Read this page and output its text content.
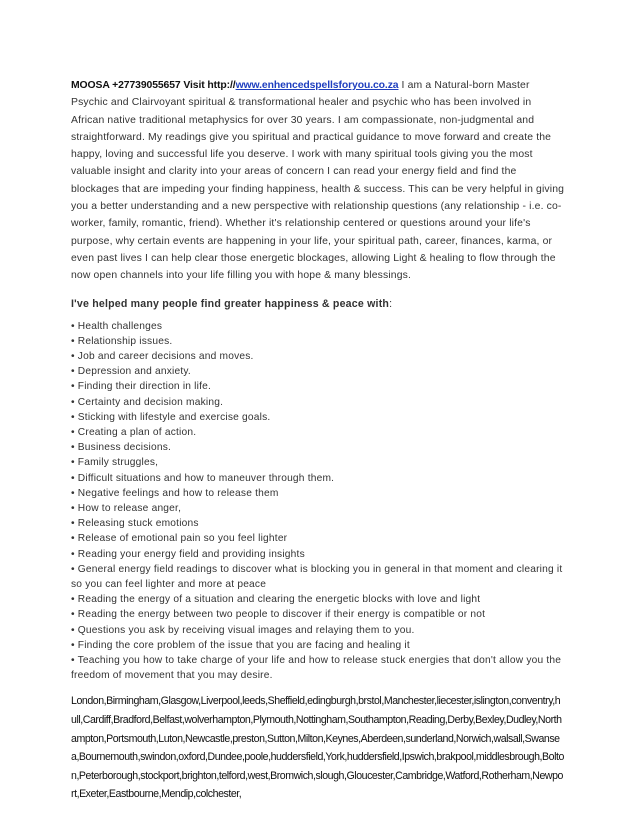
MOOSA +27739055657 Visit http://www.enhencedspellsforyou.co.za I am a Natural-born Master Psychic and Clairvoyant spiritual & transformational healer and psychic who has been involved in African native traditional metaphysics for over 30 years. I am compassionate, non-judgmental and straightforward. My readings give you spiritual and practical guidance to move forward and create the happy, loving and successful life you deserve. I work with many spiritual tools giving you the most valuable insight and clarity into your areas of concern I can read your energy field and find the blockages that are impeding your finding happiness, health & success. This can be very helpful in giving you a better understanding and a new perspective with relationship questions (any relationship - i.e. co-worker, family, romantic, friend). Whether it's relationship centered or questions around your life's purpose, why certain events are happening in your life, your spiritual path, career, finances, karma, or even past lives I can help clear those energetic blockages, allowing Light & healing to flow through the now open channels into your life filling you with hope & many blessings.

I've helped many people find greater happiness & peace with:

• Health challenges
• Relationship issues.
• Job and career decisions and moves.
• Depression and anxiety.
• Finding their direction in life.
• Certainty and decision making.
• Sticking with lifestyle and exercise goals.
• Creating a plan of action.
• Business decisions.
• Family struggles,
• Difficult situations and how to maneuver through them.
• Negative feelings and how to release them
• How to release anger,
• Releasing stuck emotions
• Release of emotional pain so you feel lighter
• Reading your energy field and providing insights
• General energy field readings to discover what is blocking you in general in that moment and clearing it so you can feel lighter and more at peace
• Reading the energy of a situation and clearing the energetic blocks with love and light
• Reading the energy between two people to discover if their energy is compatible or not
• Questions you ask by receiving visual images and relaying them to you.
• Finding the core problem of the issue that you are facing and healing it
• Teaching you how to take charge of your life and how to release stuck energies that don't allow you the freedom of movement that you may desire.

London,Birmingham,Glasgow,Liverpool,leeds,Sheffield,edingburgh,brstol,Manchester,liecester,islington,conventry,hull,Cardiff,Bradford,Belfast,wolverhampton,Plymouth,Nottingham,Southampton,Reading,Derby,Bexley,Dudley,Northampton,Portsmouth,Luton,Newcastle,preston,Sutton,Milton,Keynes,Aberdeen,sunderland,Norwich,walsall,Swansea,Bournemouth,swindon,oxford,Dundee,poole,huddersfield,York,huddersfield,Ipswich,brakpool,middlesbrough,Bolton,Peterborough,stockport,brighton,telford,west,Bromwich,slough,Gloucester,Cambridge,Watford,Rotherham,Newport,Exeter,Eastbourne,Mendip,colchester,
